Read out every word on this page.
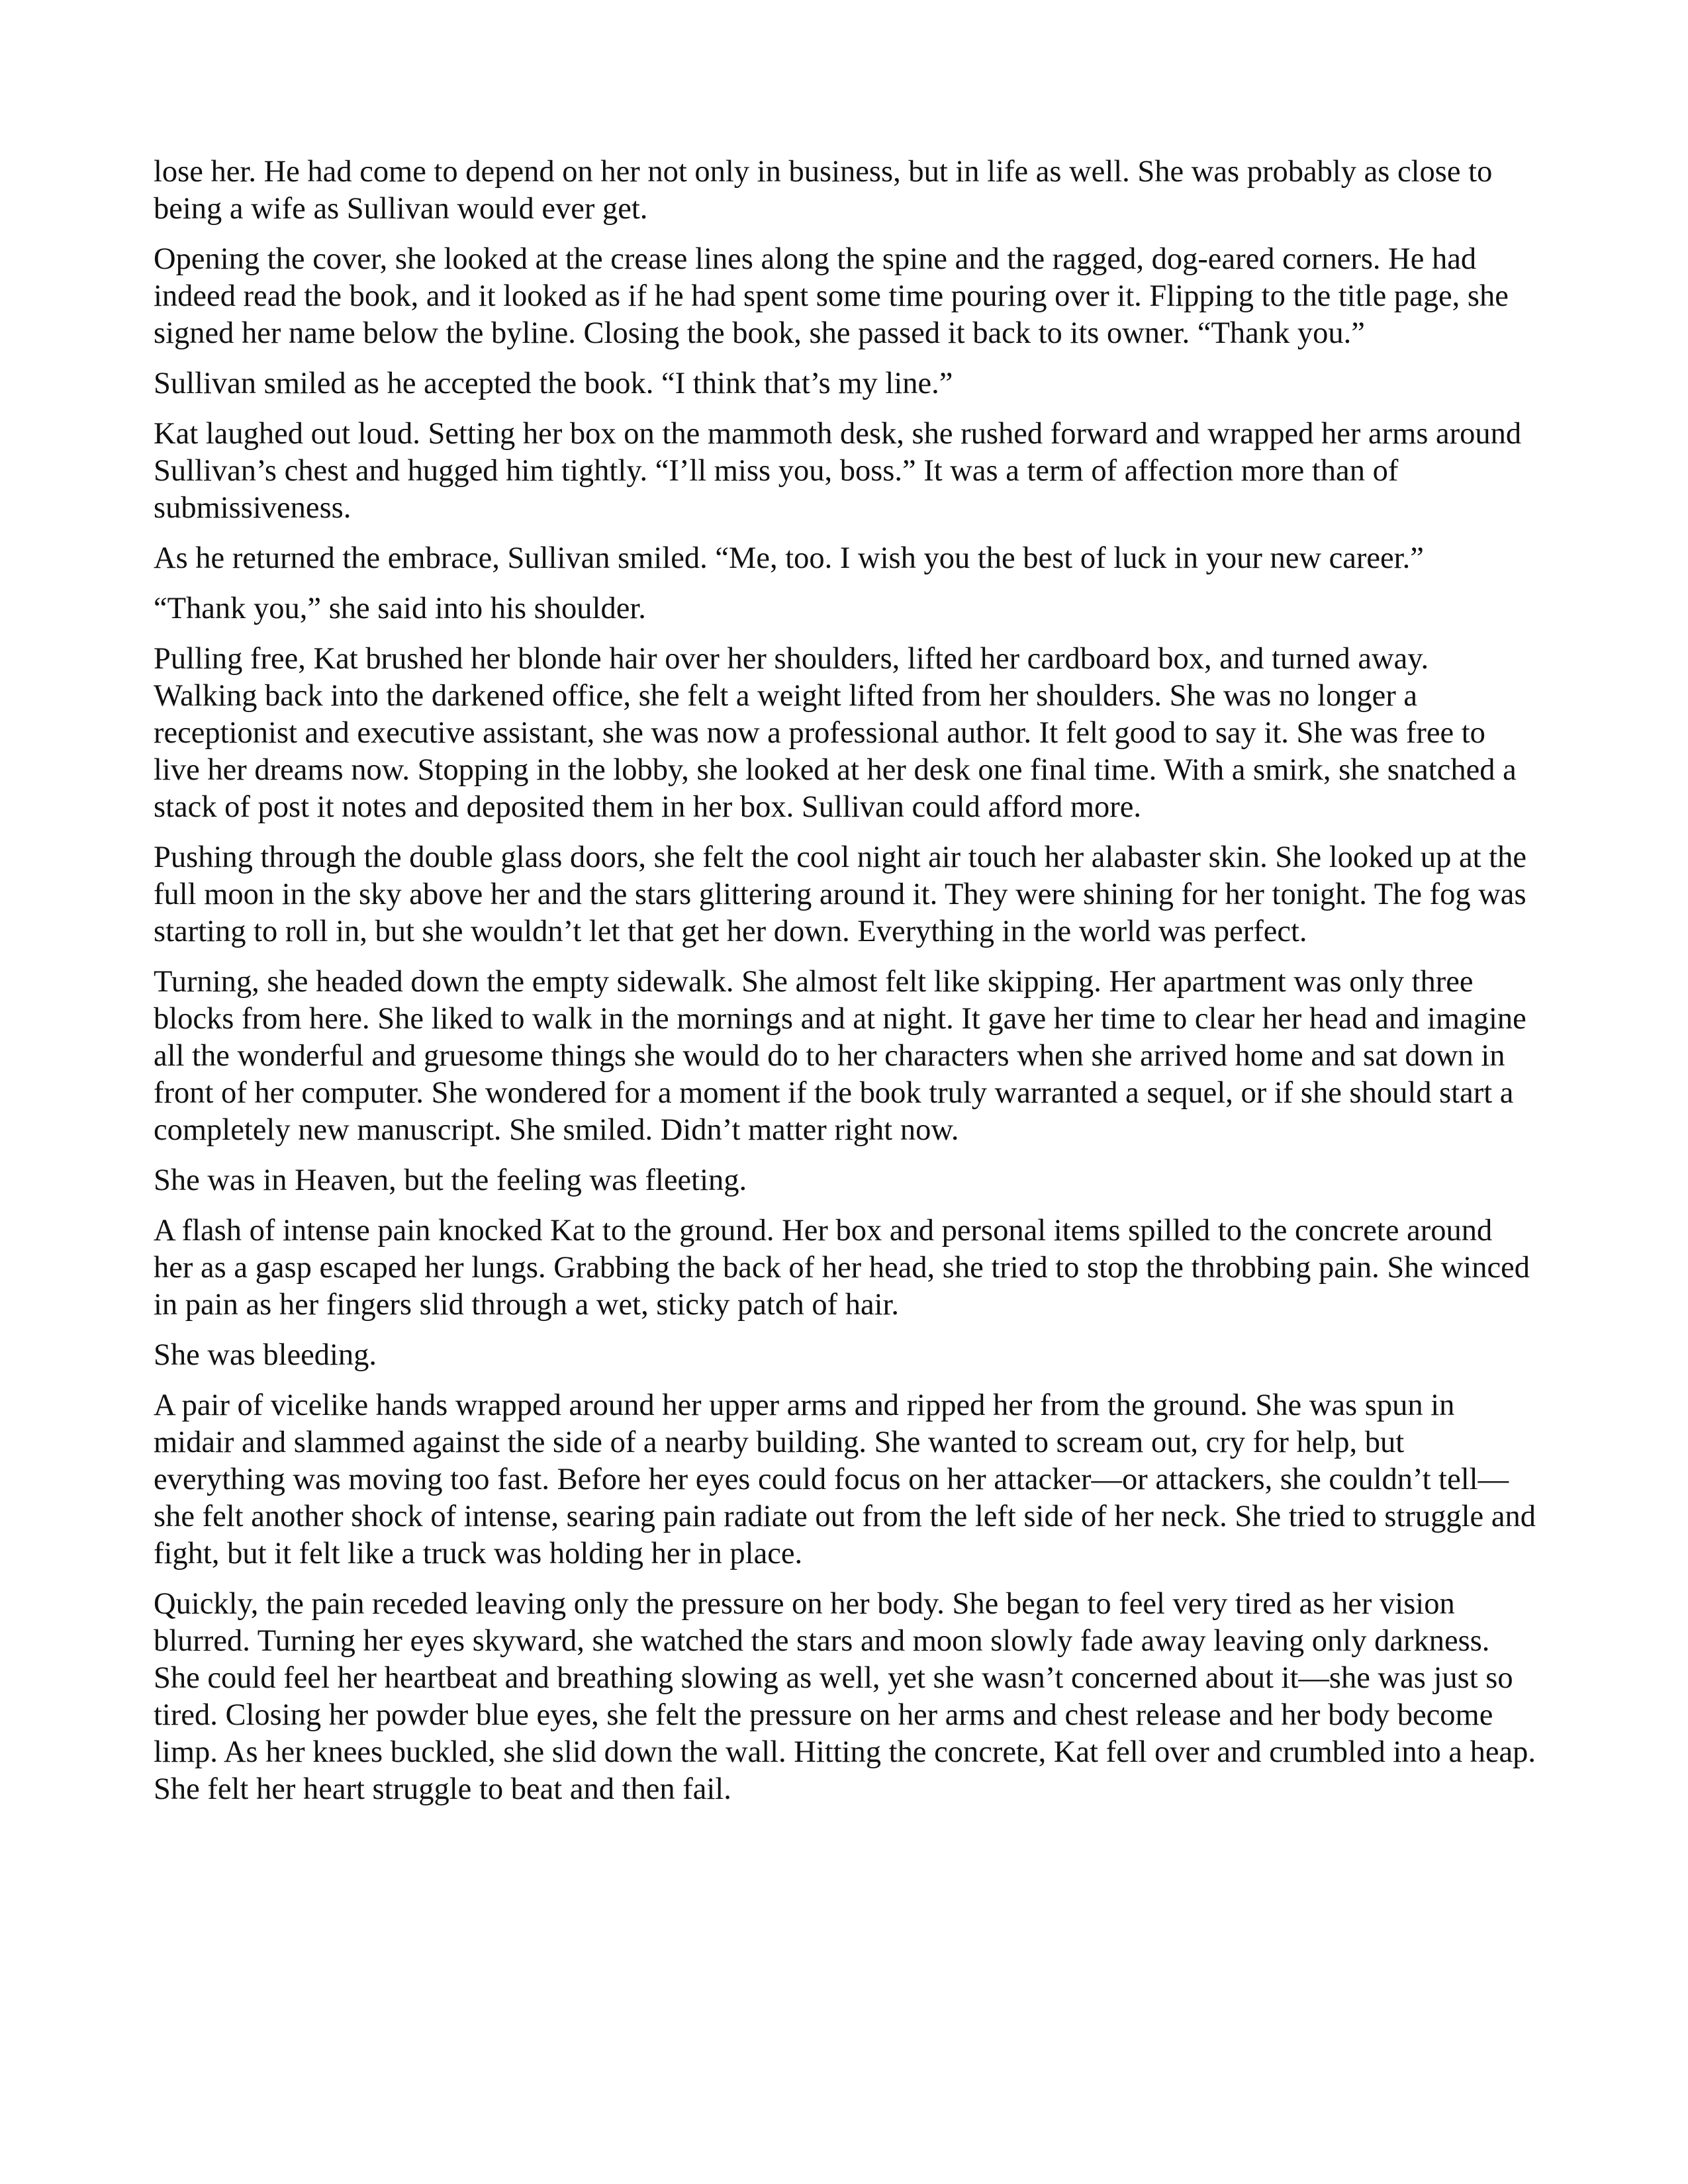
lose her. He had come to depend on her not only in business, but in life as well. She was probably as close to being a wife as Sullivan would ever get.

Opening the cover, she looked at the crease lines along the spine and the ragged, dog-eared corners. He had indeed read the book, and it looked as if he had spent some time pouring over it. Flipping to the title page, she signed her name below the byline. Closing the book, she passed it back to its owner. “Thank you.”

Sullivan smiled as he accepted the book. “I think that’s my line.”

Kat laughed out loud. Setting her box on the mammoth desk, she rushed forward and wrapped her arms around Sullivan’s chest and hugged him tightly. “I’ll miss you, boss.” It was a term of affection more than of submissiveness.

As he returned the embrace, Sullivan smiled. “Me, too. I wish you the best of luck in your new career.”

“Thank you,” she said into his shoulder.

Pulling free, Kat brushed her blonde hair over her shoulders, lifted her cardboard box, and turned away. Walking back into the darkened office, she felt a weight lifted from her shoulders. She was no longer a receptionist and executive assistant, she was now a professional author. It felt good to say it. She was free to live her dreams now. Stopping in the lobby, she looked at her desk one final time. With a smirk, she snatched a stack of post it notes and deposited them in her box. Sullivan could afford more.

Pushing through the double glass doors, she felt the cool night air touch her alabaster skin. She looked up at the full moon in the sky above her and the stars glittering around it. They were shining for her tonight. The fog was starting to roll in, but she wouldn’t let that get her down. Everything in the world was perfect.

Turning, she headed down the empty sidewalk. She almost felt like skipping. Her apartment was only three blocks from here. She liked to walk in the mornings and at night. It gave her time to clear her head and imagine all the wonderful and gruesome things she would do to her characters when she arrived home and sat down in front of her computer. She wondered for a moment if the book truly warranted a sequel, or if she should start a completely new manuscript. She smiled. Didn’t matter right now.

She was in Heaven, but the feeling was fleeting.

A flash of intense pain knocked Kat to the ground. Her box and personal items spilled to the concrete around her as a gasp escaped her lungs. Grabbing the back of her head, she tried to stop the throbbing pain. She winced in pain as her fingers slid through a wet, sticky patch of hair.

She was bleeding.

A pair of vicelike hands wrapped around her upper arms and ripped her from the ground. She was spun in midair and slammed against the side of a nearby building. She wanted to scream out, cry for help, but everything was moving too fast. Before her eyes could focus on her attacker—or attackers, she couldn’t tell—she felt another shock of intense, searing pain radiate out from the left side of her neck. She tried to struggle and fight, but it felt like a truck was holding her in place.

Quickly, the pain receded leaving only the pressure on her body. She began to feel very tired as her vision blurred. Turning her eyes skyward, she watched the stars and moon slowly fade away leaving only darkness. She could feel her heartbeat and breathing slowing as well, yet she wasn’t concerned about it—she was just so tired. Closing her powder blue eyes, she felt the pressure on her arms and chest release and her body become limp. As her knees buckled, she slid down the wall. Hitting the concrete, Kat fell over and crumbled into a heap. She felt her heart struggle to beat and then fail.
